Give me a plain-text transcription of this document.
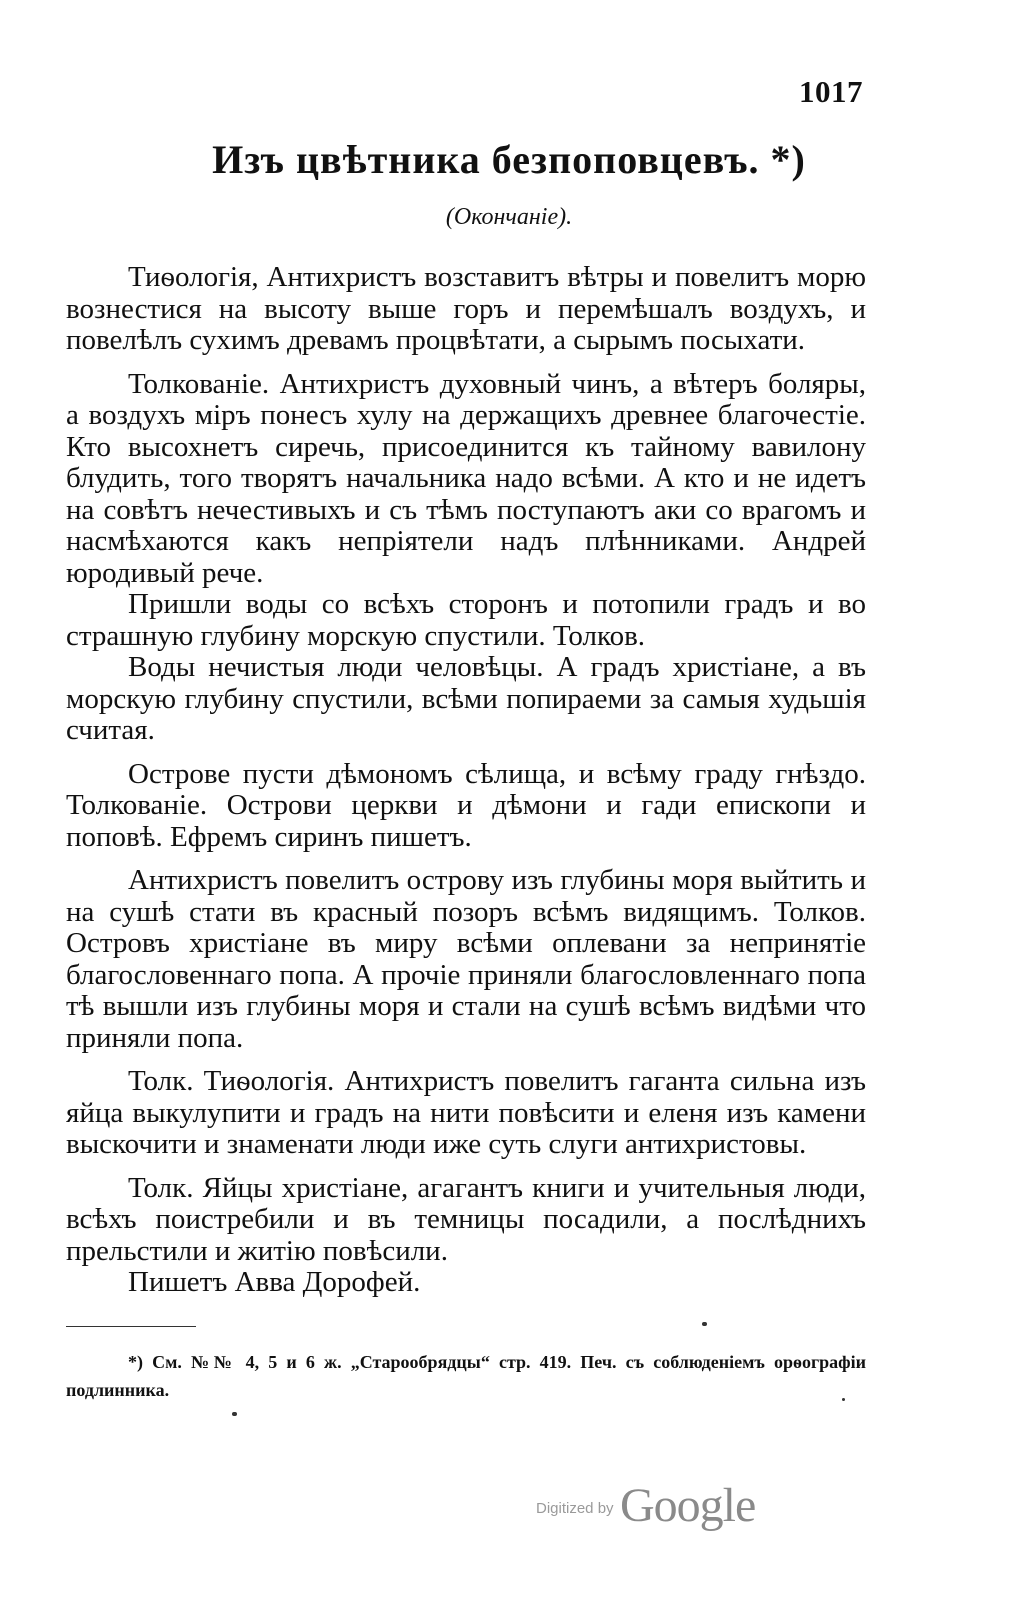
1017
Изъ цвѣтника безпоповцевъ. *)
(Окончаніе).

Тиѳологія, Антихристъ возставитъ вѣтры и повелитъ морю вознестися на высоту выше горъ и перемѣшалъ воздухъ, и повелѣлъ сухимъ древамъ процвѣтати, а сырымъ посыхати.

Толкованіе. Антихристъ духовный чинъ, а вѣтеръ боляры, а воздухъ міръ понесъ хулу на держащихъ древнее благочестіе. Кто высохнетъ сиречь, присоединится къ тайному вавилону блудить, того творятъ начальника надо всѣми. А кто и не идетъ на совѣтъ нечестивыхъ и съ тѣмъ поступаютъ аки со врагомъ и насмѣхаются какъ непріятели надъ плѣнниками. Андрей юродивый рече.

Пришли воды со всѣхъ сторонъ и потопили градъ и во страшную глубину морскую спустили. Толков.

Воды нечистыя люди человѣцы. А градъ христіане, а въ морскую глубину спустили, всѣми попираеми за самыя худьшія считая.

Острове пусти дѣмономъ сѣлища, и всѣму граду гнѣздо. Толкованіе. Острови церкви и дѣмони и гади епископи и поповѣ. Ефремъ сиринъ пишетъ.

Антихристъ повелитъ острову изъ глубины моря выйтить и на сушѣ стати въ красный позоръ всѣмъ видящимъ. Толков. Островъ христіане въ миру всѣми оплевани за непринятіе благословеннаго попа. А прочіе приняли благословленнаго попа тѣ вышли изъ глубины моря и стали на сушѣ всѣмъ видѣми что приняли попа.

Толк. Тиѳологія. Антихристъ повелитъ гаганта сильна изъ яйца выкулупити и градъ на нити повѣсити и еленя изъ камени выскочити и знаменати люди иже суть слуги антихристовы.

Толк. Яйцы христіане, агагантъ книги и учительныя люди, всѣхъ поистребили и въ темницы посадили, а послѣднихъ прельстили и житію повѣсили.

Пишетъ Авва Дорофей.

*) См. №№ 4, 5 и 6 ж. „Старообрядцы“ стр. 419. Печ. съ соблюденіемъ орѳографіи подлинника.
Digitized by Google
